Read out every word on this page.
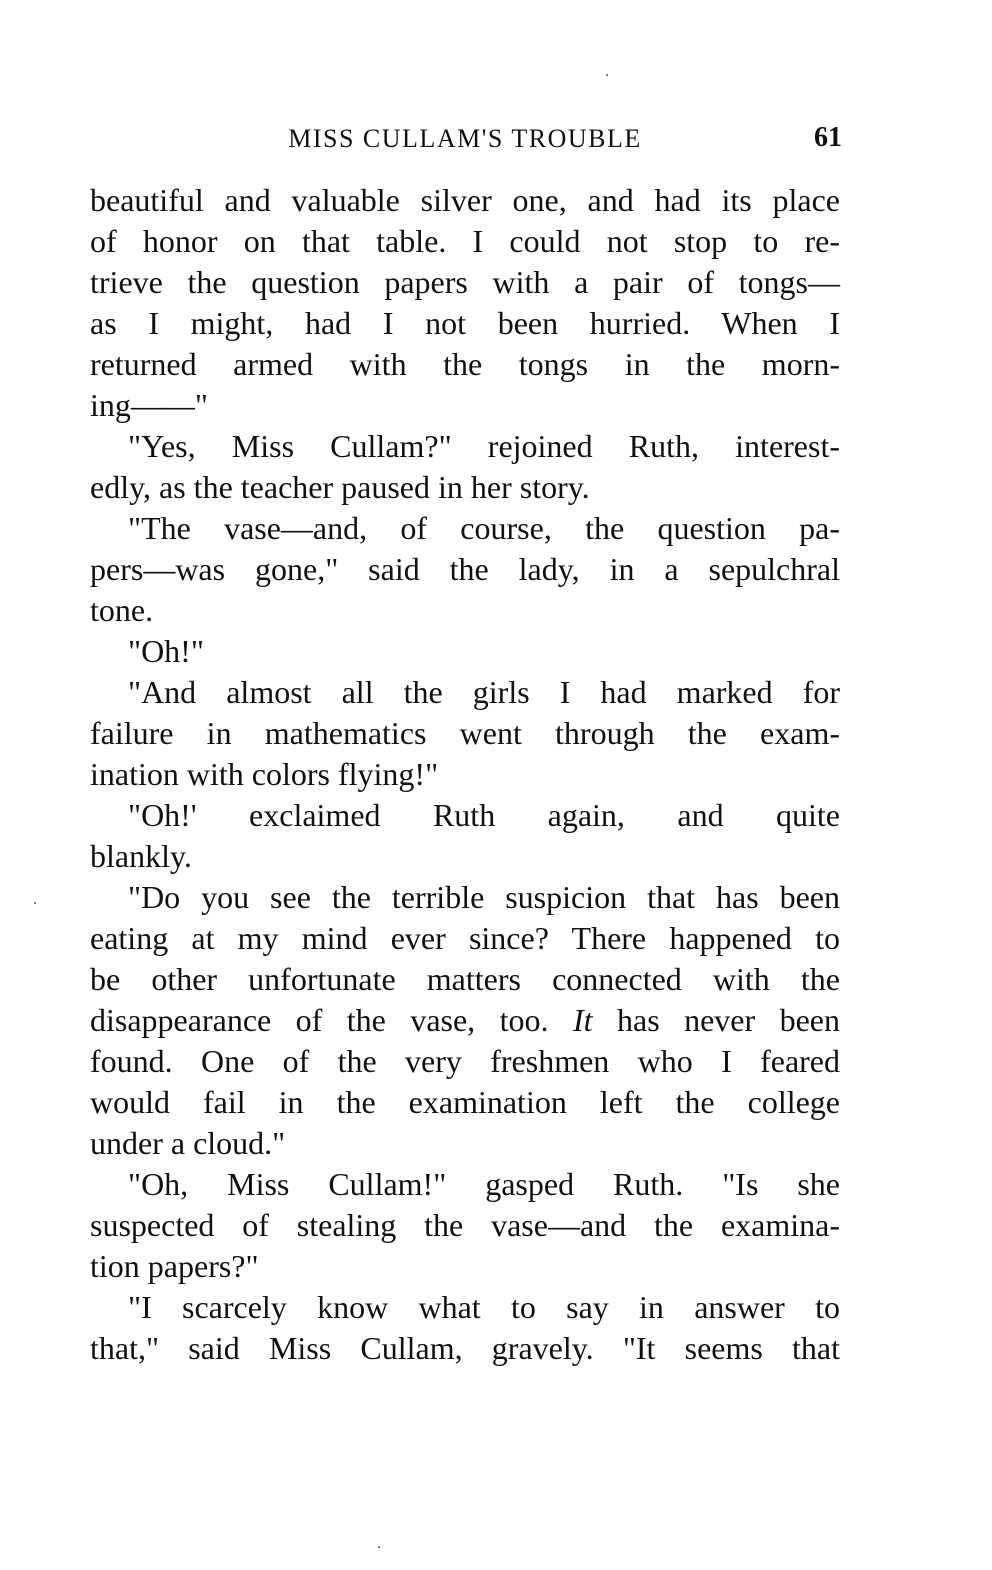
MISS CULLAM'S TROUBLE	61
beautiful and valuable silver one, and had its place
of honor on that table. I could not stop to re-
trieve the question papers with a pair of tongs—
as I might, had I not been hurried. When I
returned armed with the tongs in the morn-
ing——"
"Yes, Miss Cullam?" rejoined Ruth, interest-
edly, as the teacher paused in her story.
"The vase—and, of course, the question pa-
pers—was gone," said the lady, in a sepulchral
tone.
"Oh!"
"And almost all the girls I had marked for
failure in mathematics went through the exam-
ination with colors flying!"
"Oh!' exclaimed Ruth again, and quite
blankly.
"Do you see the terrible suspicion that has been
eating at my mind ever since? There happened to
be other unfortunate matters connected with the
disappearance of the vase, too. It has never been
found. One of the very freshmen who I feared
would fail in the examination left the college
under a cloud."
"Oh, Miss Cullam!" gasped Ruth. "Is she
suspected of stealing the vase—and the examina-
tion papers?"
"I scarcely know what to say in answer to
that," said Miss Cullam, gravely. "It seems that
